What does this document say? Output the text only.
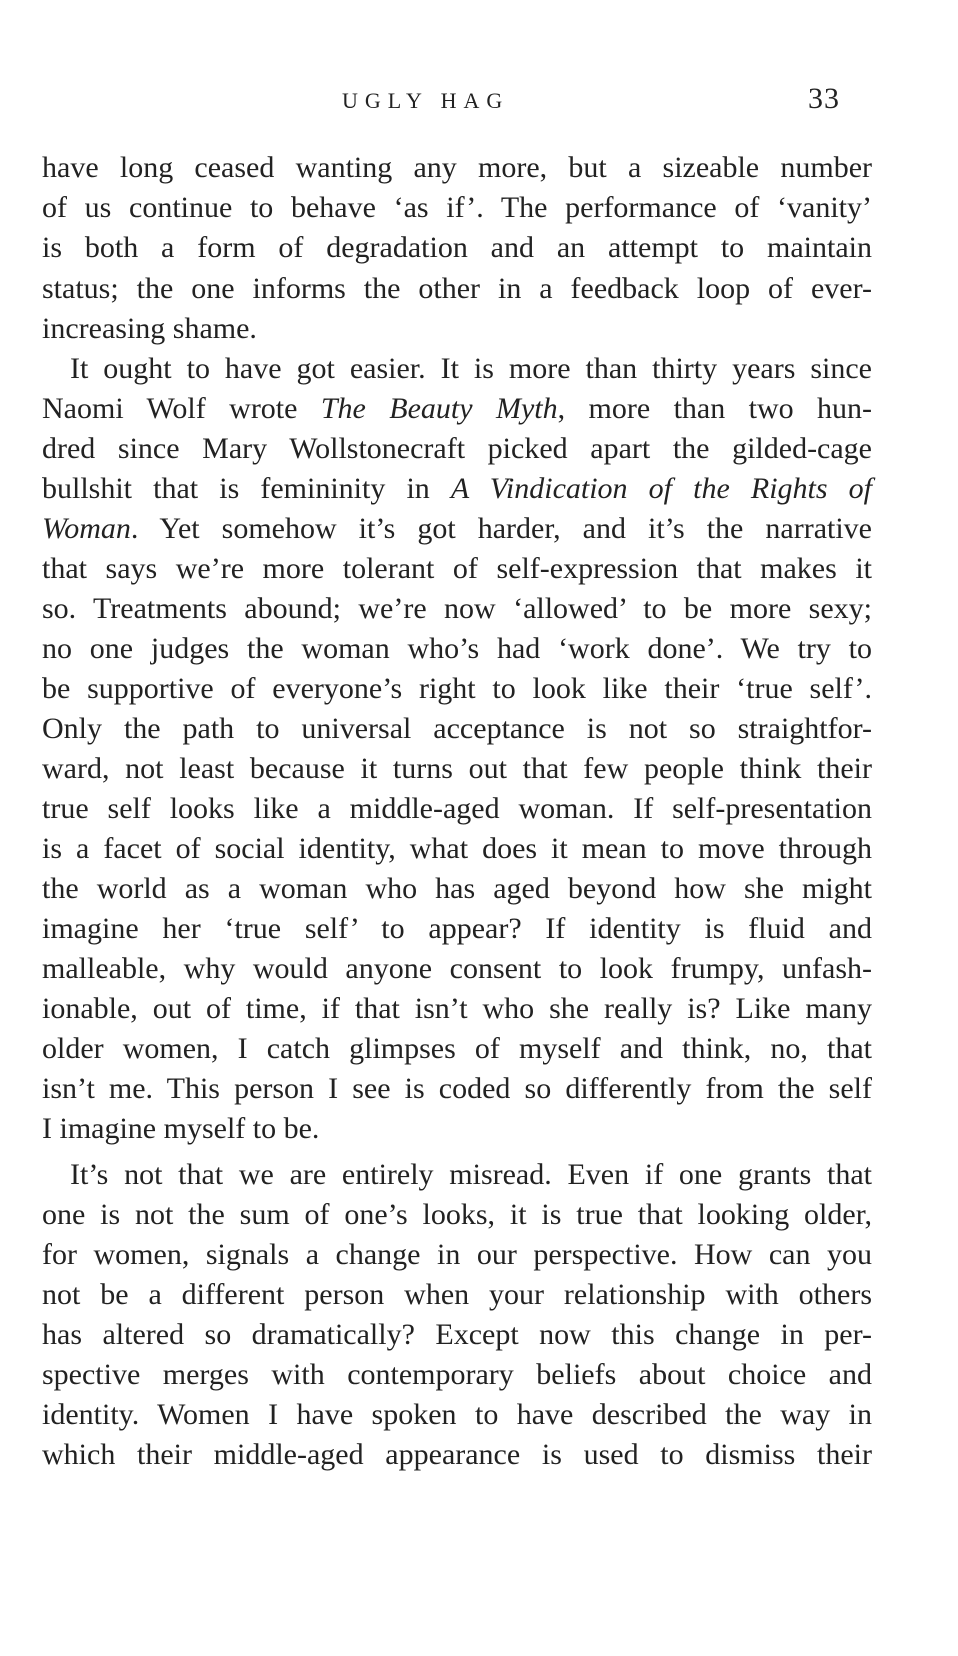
UGLY HAG	33
have long ceased wanting any more, but a sizeable number
of us continue to behave ‘as if’. The performance of ‘vanity’
is both a form of degradation and an attempt to maintain
status; the one informs the other in a feedback loop of ever-
increasing shame.
It ought to have got easier. It is more than thirty years since
Naomi Wolf wrote The Beauty Myth, more than two hun-
dred since Mary Wollstonecraft picked apart the gilded-cage
bullshit that is femininity in A Vindication of the Rights of
Woman. Yet somehow it’s got harder, and it’s the narrative
that says we’re more tolerant of self-expression that makes it
so. Treatments abound; we’re now ‘allowed’ to be more sexy;
no one judges the woman who’s had ‘work done’. We try to
be supportive of everyone’s right to look like their ‘true self’.
Only the path to universal acceptance is not so straightfor-
ward, not least because it turns out that few people think their
true self looks like a middle-aged woman. If self-presentation
is a facet of social identity, what does it mean to move through
the world as a woman who has aged beyond how she might
imagine her ‘true self’ to appear? If identity is fluid and
malleable, why would anyone consent to look frumpy, unfash-
ionable, out of time, if that isn’t who she really is? Like many
older women, I catch glimpses of myself and think, no, that
isn’t me. This person I see is coded so differently from the self
I imagine myself to be.
It’s not that we are entirely misread. Even if one grants that
one is not the sum of one’s looks, it is true that looking older,
for women, signals a change in our perspective. How can you
not be a different person when your relationship with others
has altered so dramatically? Except now this change in per-
spective merges with contemporary beliefs about choice and
identity. Women I have spoken to have described the way in
which their middle-aged appearance is used to dismiss their
